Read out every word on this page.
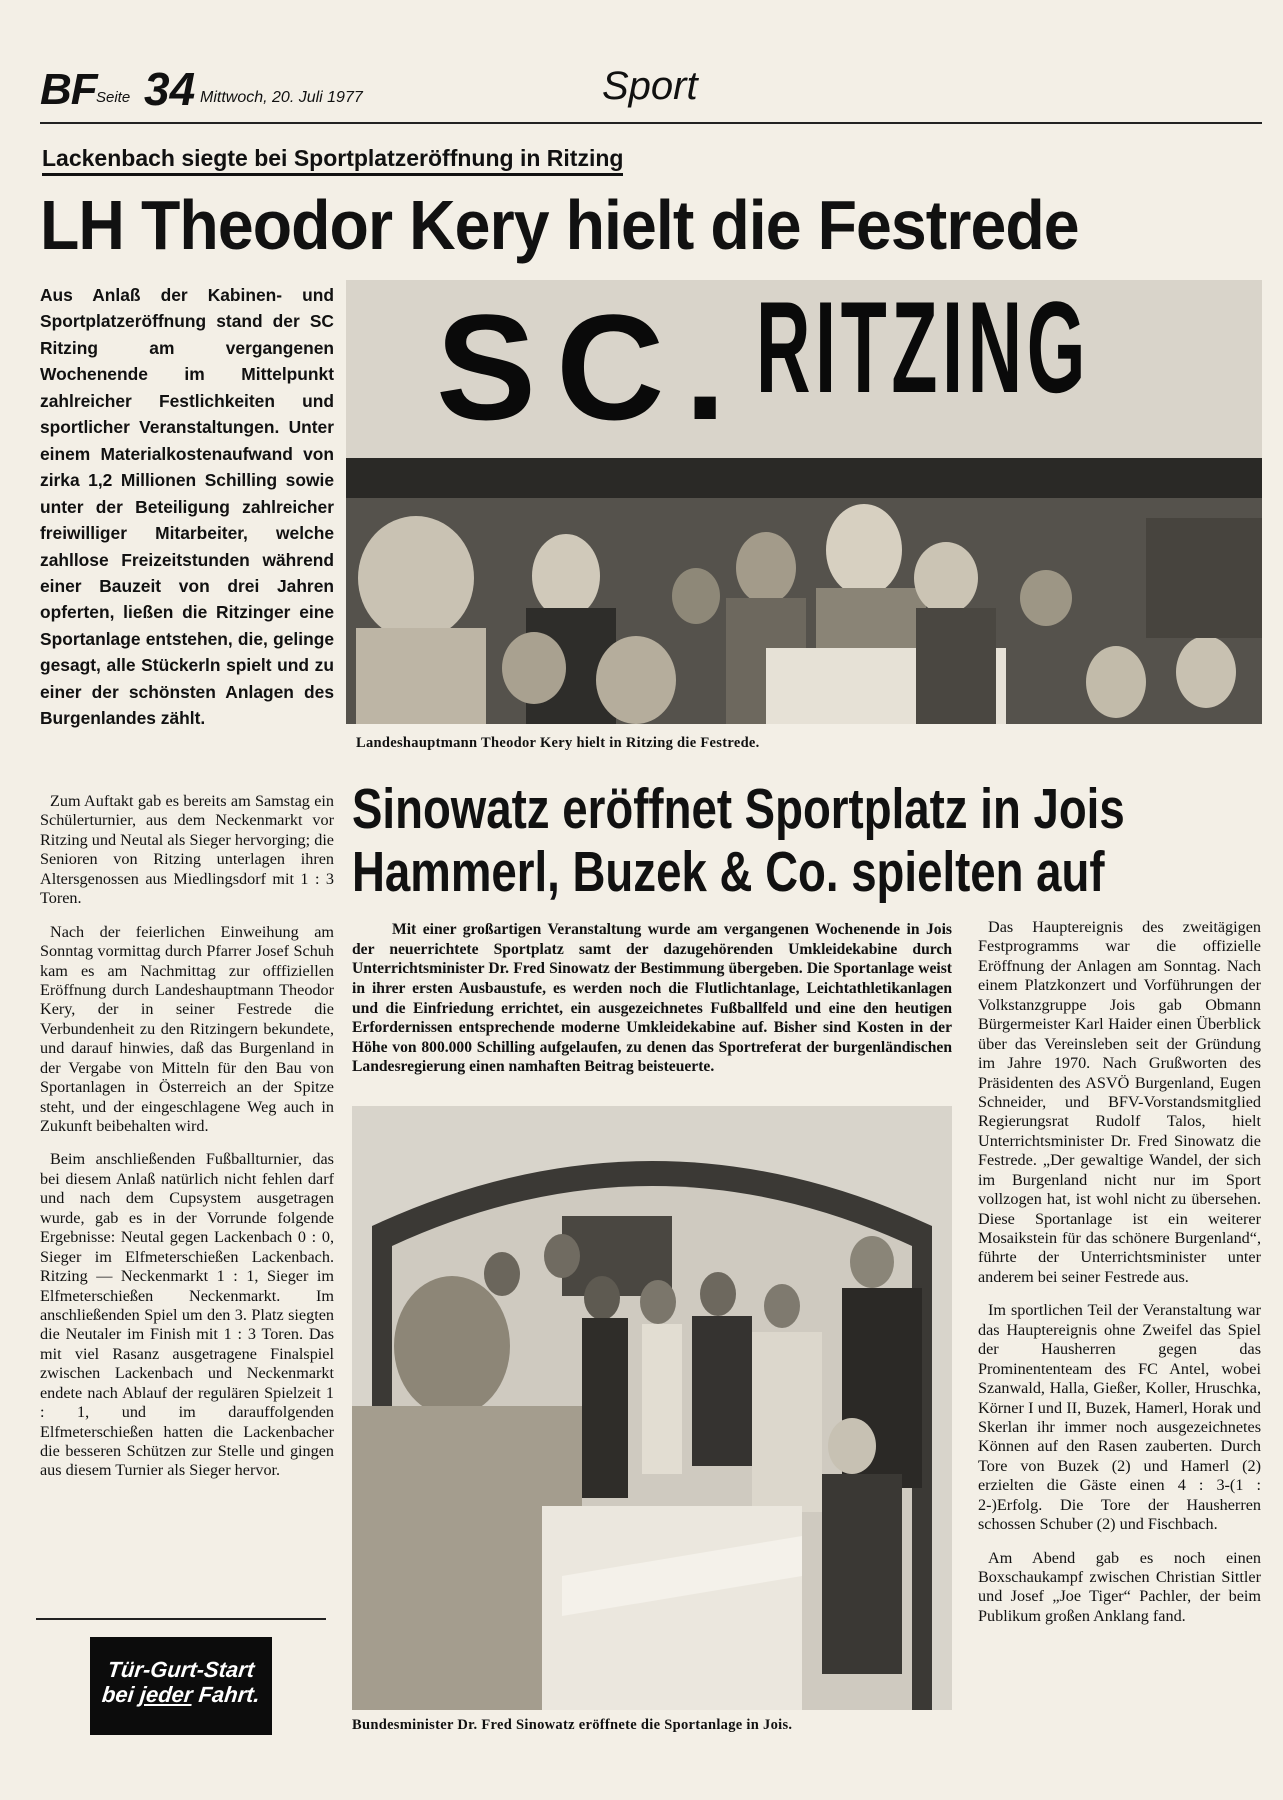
BF Seite 34 Mittwoch, 20. Juli 1977	Sport
Lackenbach siegte bei Sportplatzeröffnung in Ritzing
LH Theodor Kery hielt die Festrede

Aus Anlaß der Kabinen- und Sportplatzeröffnung stand der SC Ritzing am vergangenen Wochenende im Mittelpunkt zahlreicher Festlichkeiten und sportlicher Veranstaltungen. Unter einem Materialkostenaufwand von zirka 1,2 Millionen Schilling sowie unter der Beteiligung zahlreicher freiwilliger Mitarbeiter, welche zahllose Freizeitstunden während einer Bauzeit von drei Jahren opferten, ließen die Ritzinger eine Sportanlage entstehen, die, gelinge gesagt, alle Stückerln spielt und zu einer der schönsten Anlagen des Burgenlandes zählt.

SC. RITZING
Landeshauptmann Theodor Kery hielt in Ritzing die Festrede.

Zum Auftakt gab es bereits am Samstag ein Schülerturnier, aus dem Neckenmarkt vor Ritzing und Neutal als Sieger hervorging; die Senioren von Ritzing unterlagen ihren Altersgenossen aus Miedlingsdorf mit 1 : 3 Toren.

Nach der feierlichen Einweihung am Sonntag vormittag durch Pfarrer Josef Schuh kam es am Nachmittag zur offfiziellen Eröffnung durch Landeshauptmann Theodor Kery, der in seiner Festrede die Verbundenheit zu den Ritzingern bekundete, und darauf hinwies, daß das Burgenland in der Vergabe von Mitteln für den Bau von Sportanlagen in Österreich an der Spitze steht, und der eingeschlagene Weg auch in Zukunft beibehalten wird.

Beim anschließenden Fußballturnier, das bei diesem Anlaß natürlich nicht fehlen darf und nach dem Cupsystem ausgetragen wurde, gab es in der Vorrunde folgende Ergebnisse: Neutal gegen Lackenbach 0 : 0, Sieger im Elfmeterschießen Lackenbach. Ritzing — Neckenmarkt 1 : 1, Sieger im Elfmeterschießen Neckenmarkt. Im anschließenden Spiel um den 3. Platz siegten die Neutaler im Finish mit 1 : 3 Toren. Das mit viel Rasanz ausgetragene Finalspiel zwischen Lackenbach und Neckenmarkt endete nach Ablauf der regulären Spielzeit 1 : 1, und im darauffolgenden Elfmeterschießen hatten die Lackenbacher die besseren Schützen zur Stelle und gingen aus diesem Turnier als Sieger hervor.

Sinowatz eröffnet Sportplatz in Jois
Hammerl, Buzek & Co. spielten auf

Mit einer großartigen Veranstaltung wurde am vergangenen Wochenende in Jois der neuerrichtete Sportplatz samt der dazugehörenden Umkleidekabine durch Unterrichtsminister Dr. Fred Sinowatz der Bestimmung übergeben. Die Sportanlage weist in ihrer ersten Ausbaustufe, es werden noch die Flutlichtanlage, Leichtathletikanlagen und die Einfriedung errichtet, ein ausgezeichnetes Fußballfeld und eine den heutigen Erfordernissen entsprechende moderne Umkleidekabine auf. Bisher sind Kosten in der Höhe von 800.000 Schilling aufgelaufen, zu denen das Sportreferat der burgenländischen Landesregierung einen namhaften Beitrag beisteuerte.

Bundesminister Dr. Fred Sinowatz eröffnete die Sportanlage in Jois.

Das Hauptereignis des zweitägigen Festprogramms war die offizielle Eröffnung der Anlagen am Sonntag. Nach einem Platzkonzert und Vorführungen der Volkstanzgruppe Jois gab Obmann Bürgermeister Karl Haider einen Überblick über das Vereinsleben seit der Gründung im Jahre 1970. Nach Grußworten des Präsidenten des ASVÖ Burgenland, Eugen Schneider, und BFV-Vorstandsmitglied Regierungsrat Rudolf Talos, hielt Unterrichtsminister Dr. Fred Sinowatz die Festrede. „Der gewaltige Wandel, der sich im Burgenland nicht nur im Sport vollzogen hat, ist wohl nicht zu übersehen. Diese Sportanlage ist ein weiterer Mosaikstein für das schönere Burgenland“, führte der Unterrichtsminister unter anderem bei seiner Festrede aus.

Im sportlichen Teil der Veranstaltung war das Hauptereignis ohne Zweifel das Spiel der Hausherren gegen das Prominententeam des FC Antel, wobei Szanwald, Halla, Gießer, Koller, Hruschka, Körner I und II, Buzek, Hamerl, Horak und Skerlan ihr immer noch ausgezeichnetes Können auf den Rasen zauberten. Durch Tore von Buzek (2) und Hamerl (2) erzielten die Gäste einen 4 : 3-(1 : 2-)Erfolg. Die Tore der Hausherren schossen Schuber (2) und Fischbach.

Am Abend gab es noch einen Boxschaukampf zwischen Christian Sittler und Josef „Joe Tiger“ Pachler, der beim Publikum großen Anklang fand.

Tür-Gurt-Start
bei jeder Fahrt.
